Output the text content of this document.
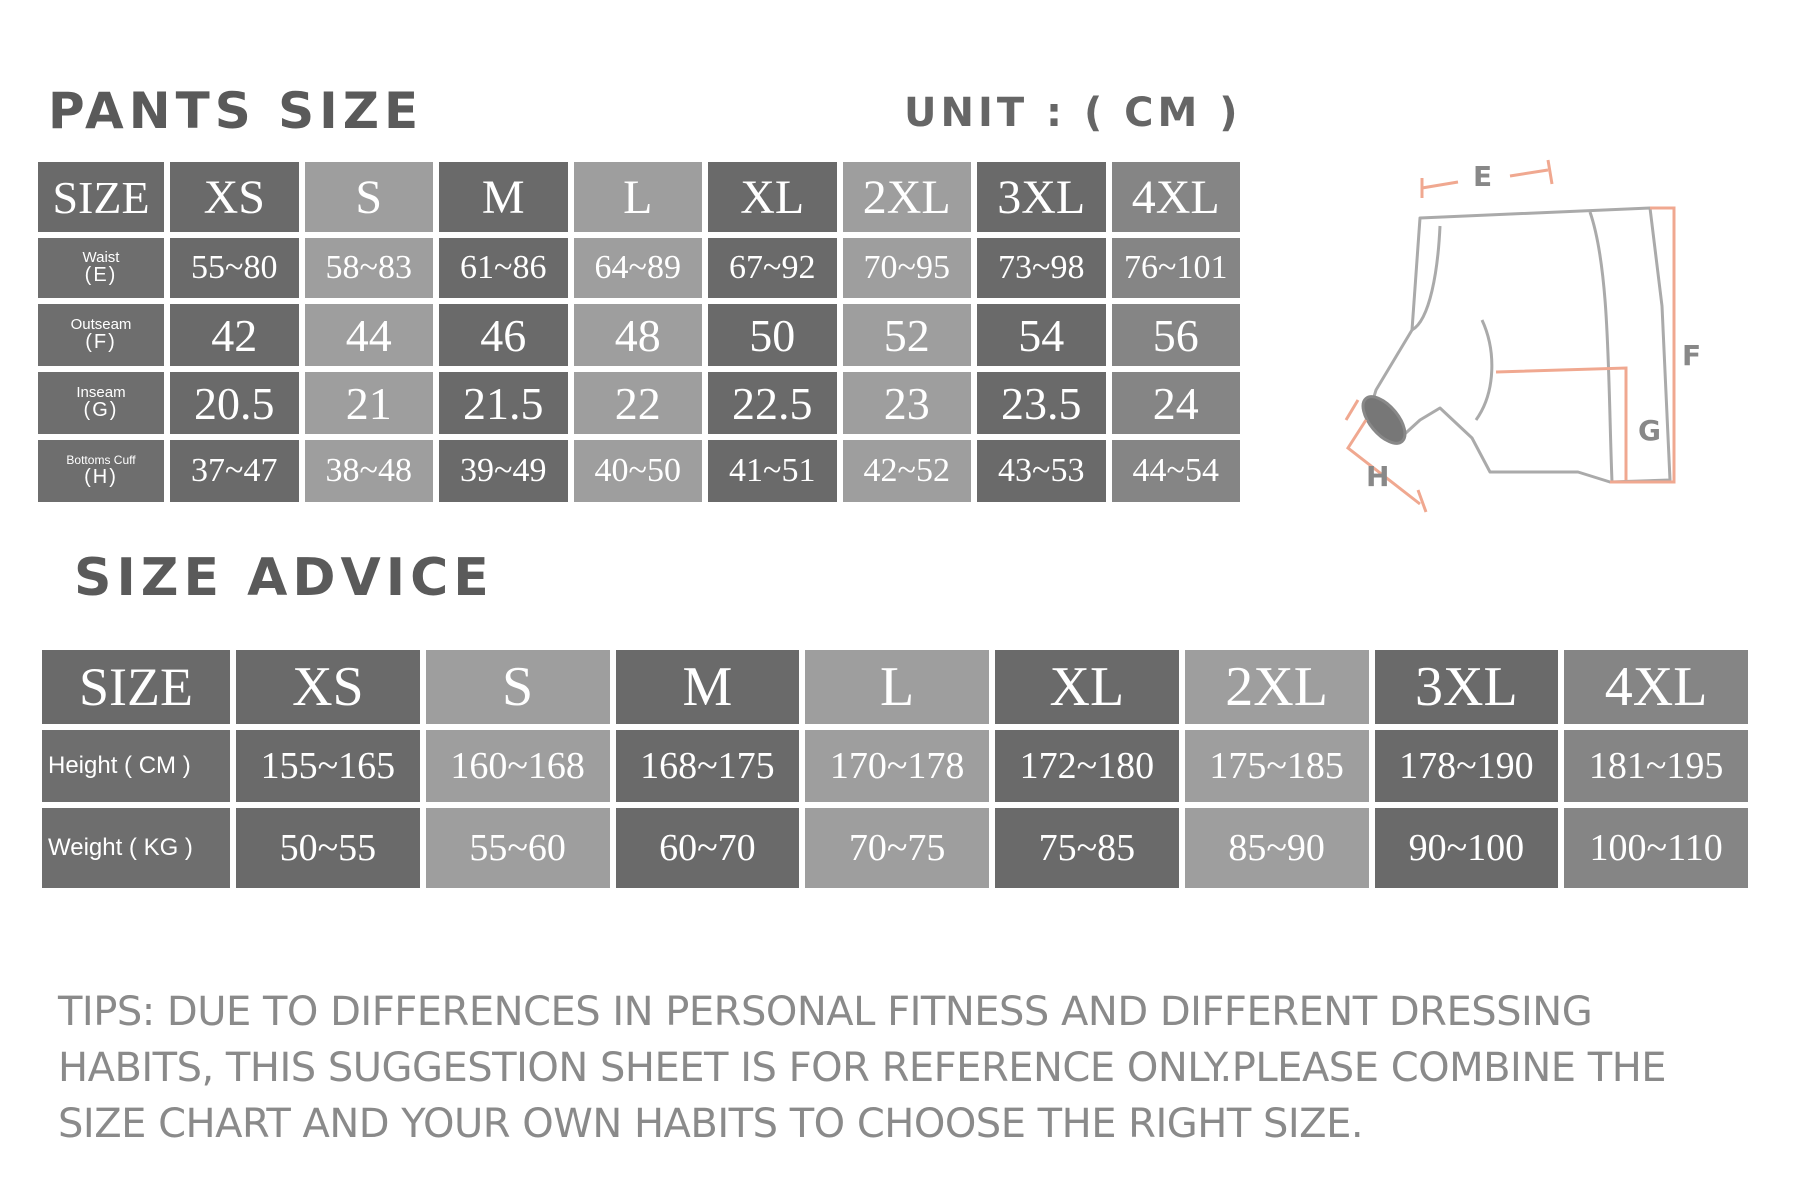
PANTS SIZE	UNIT : ( CM )
SIZE	XS	S	M	L	XL	2XL 3XL 4XL
Waist
(E)	55~80	58~83	61~86	64~89	67~92	70~95	73~98	76~101
Outseam
(F)	42	44	46	48	50	52	54	56
Inseam
(G)	20.5	21	21.5	22	22.5	23	23.5	24
Bottoms Cuff
(H)	37~47	38~48	39~49	40~50	41~51	42~52	43~53	44~54
E
F
G
H
SIZE ADVICE
SIZE	XS	S	M	L	XL	2XL	3XL	4XL
Height ( CM )	155~165	160~168	168~175	170~178	172~180	175~185	178~190	181~195
Weight ( KG )	50~55	55~60	60~70	70~75	75~85	85~90	90~100	100~110

TIPS: DUE TO DIFFERENCES IN PERSONAL FITNESS AND DIFFERENT DRESSING HABITS, THIS SUGGESTION SHEET IS FOR REFERENCE ONLY.PLEASE COMBINE THE SIZE CHART AND YOUR OWN HABITS TO CHOOSE THE RIGHT SIZE.
